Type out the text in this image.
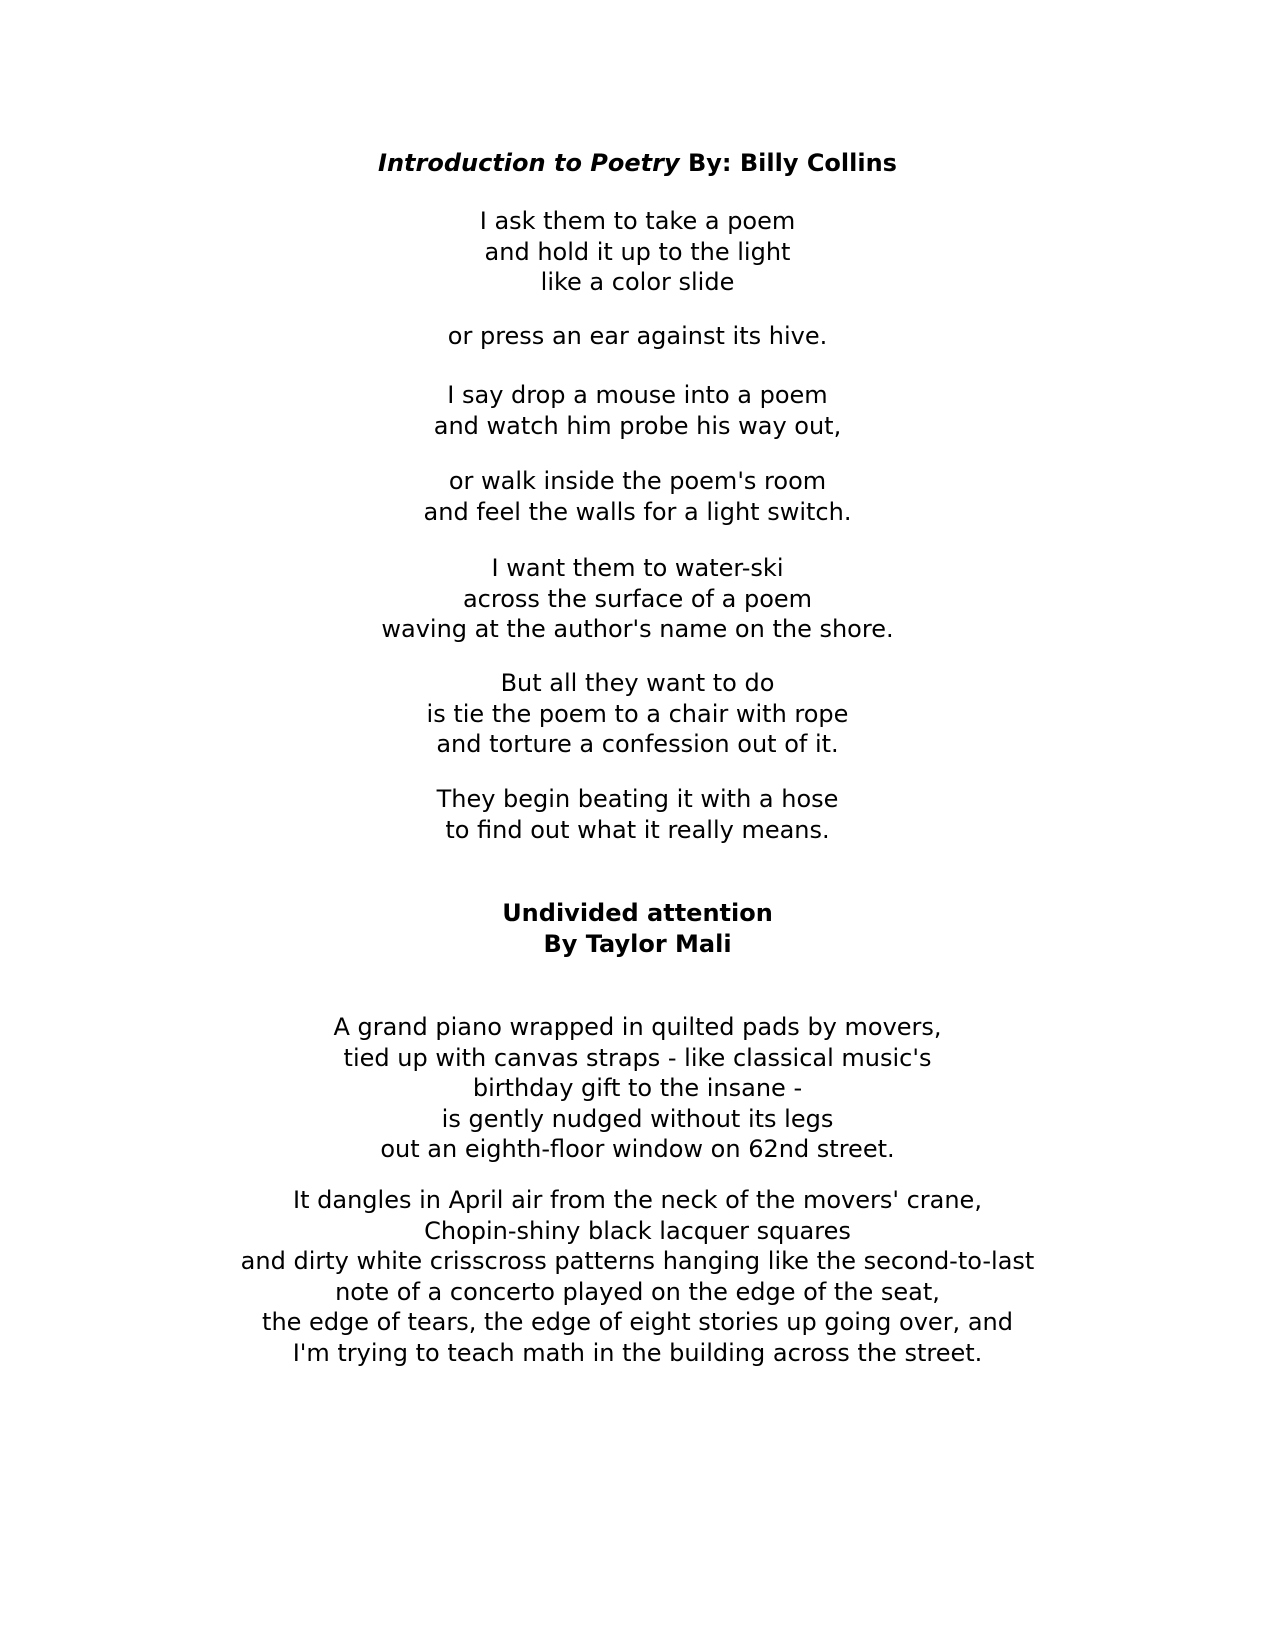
Introduction to Poetry By: Billy Collins
I ask them to take a poem
and hold it up to the light
like a color slide
or press an ear against its hive.
I say drop a mouse into a poem
and watch him probe his way out,
or walk inside the poem's room
and feel the walls for a light switch.
I want them to water-ski
across the surface of a poem
waving at the author's name on the shore.
But all they want to do
is tie the poem to a chair with rope
and torture a confession out of it.
They begin beating it with a hose
to find out what it really means.
Undivided attention
By Taylor Mali
A grand piano wrapped in quilted pads by movers,
tied up with canvas straps - like classical music's
birthday gift to the insane -
is gently nudged without its legs
out an eighth-floor window on 62nd street.
It dangles in April air from the neck of the movers' crane,
Chopin-shiny black lacquer squares
and dirty white crisscross patterns hanging like the second-to-last
note of a concerto played on the edge of the seat,
the edge of tears, the edge of eight stories up going over, and
I'm trying to teach math in the building across the street.
